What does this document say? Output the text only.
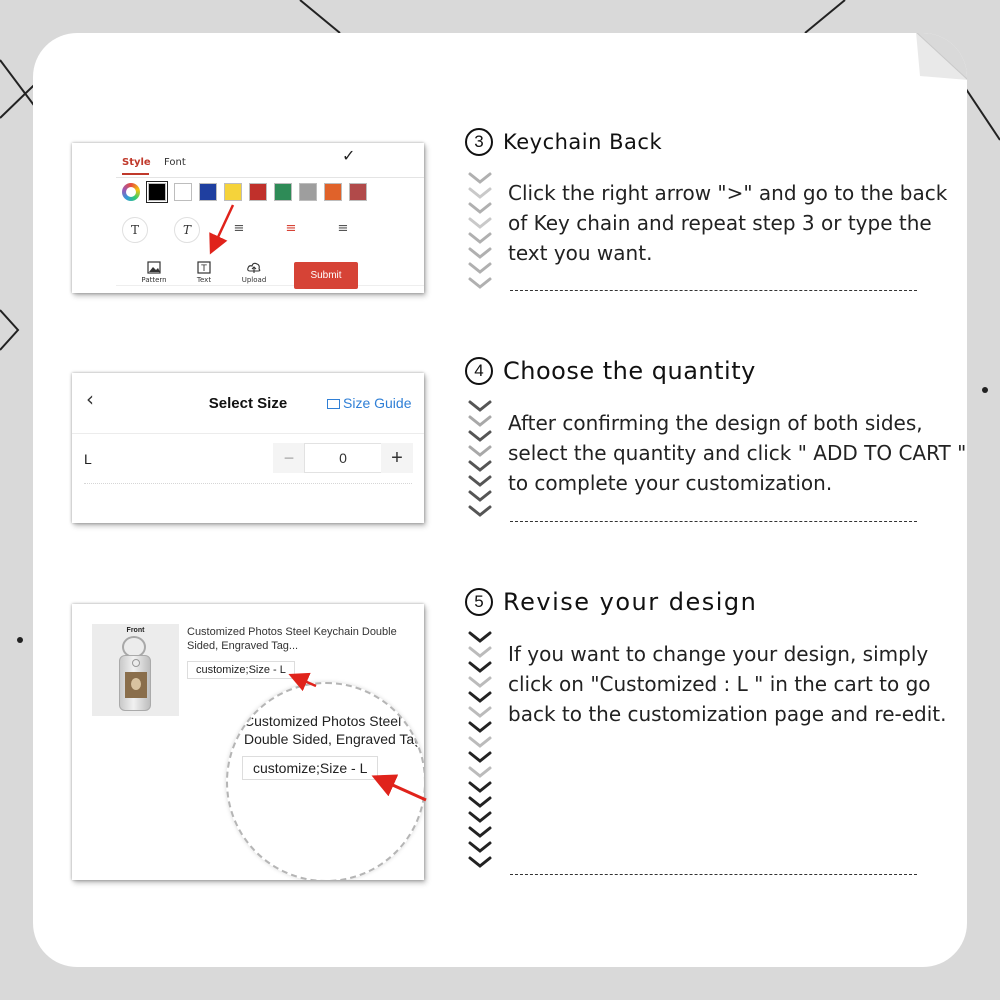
Style Font	✓
T	T	≡	≡	≡
Pattern
T
Text	Upload	Submit
‹	Select Size	Size Guide
L	−	0	+
Front	Customized Photos Steel Keychain Double Sided, Engraved Tag...
customize;Size - L
Customized Photos Steel
Double Sided, Engraved Tag
customize;Size - L
3 Keychain Back
Click the right arrow ">" and go to the back of Key chain and repeat step 3 or type the text you want.
4 Choose the quantity
After confirming the design of both sides, select the quantity and click " ADD TO CART " to complete your customization.
5 Revise your design
If you want to change your design, simply click on "Customized : L " in the cart to go back to the customization page and re-edit.
